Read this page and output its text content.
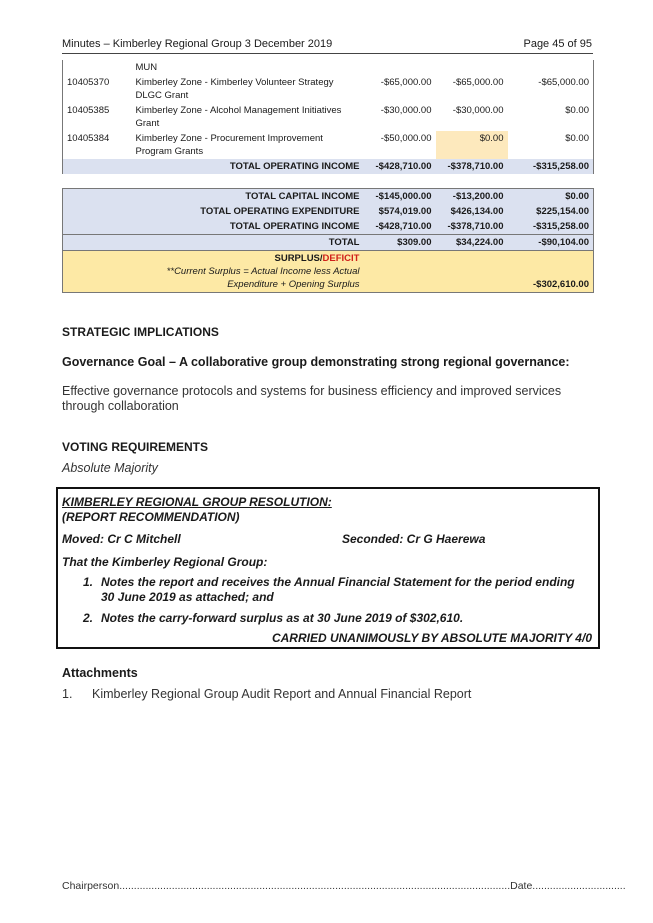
Minutes – Kimberley Regional Group 3 December 2019	Page 45 of 95
	MUN			
10405370	Kimberley Zone - Kimberley Volunteer Strategy DLGC Grant	-$65,000.00	-$65,000.00	-$65,000.00
10405385	Kimberley Zone - Alcohol Management Initiatives Grant	-$30,000.00	-$30,000.00	$0.00
10405384	Kimberley Zone - Procurement Improvement Program Grants	-$50,000.00	$0.00	$0.00
	TOTAL OPERATING INCOME	-$428,710.00	-$378,710.00	-$315,258.00

	TOTAL CAPITAL INCOME	-$145,000.00	-$13,200.00	$0.00
	TOTAL OPERATING EXPENDITURE	$574,019.00	$426,134.00	$225,154.00
	TOTAL OPERATING INCOME	-$428,710.00	-$378,710.00	-$315,258.00
	TOTAL	$309.00	$34,224.00	-$90,104.00
	SURPLUS/DEFICIT
**Current Surplus = Actual Income less Actual
Expenditure + Opening Surplus			-$302,610.00
STRATEGIC IMPLICATIONS
Governance Goal – A collaborative group demonstrating strong regional governance:
Effective governance protocols and systems for business efficiency and improved services through collaboration
VOTING REQUIREMENTS
Absolute Majority
KIMBERLEY REGIONAL GROUP RESOLUTION:
(REPORT RECOMMENDATION)
Moved: Cr C Mitchell	Seconded: Cr G Haerewa
That the Kimberley Regional Group:
1. Notes the report and receives the Annual Financial Statement for the period ending 30 June 2019 as attached; and
2. Notes the carry-forward surplus as at 30 June 2019 of $302,610.
CARRIED UNANIMOUSLY BY ABSOLUTE MAJORITY 4/0
Attachments
1.	Kimberley Regional Group Audit Report and Annual Financial Report
Chairperson......................................................................................................................................Date................................
